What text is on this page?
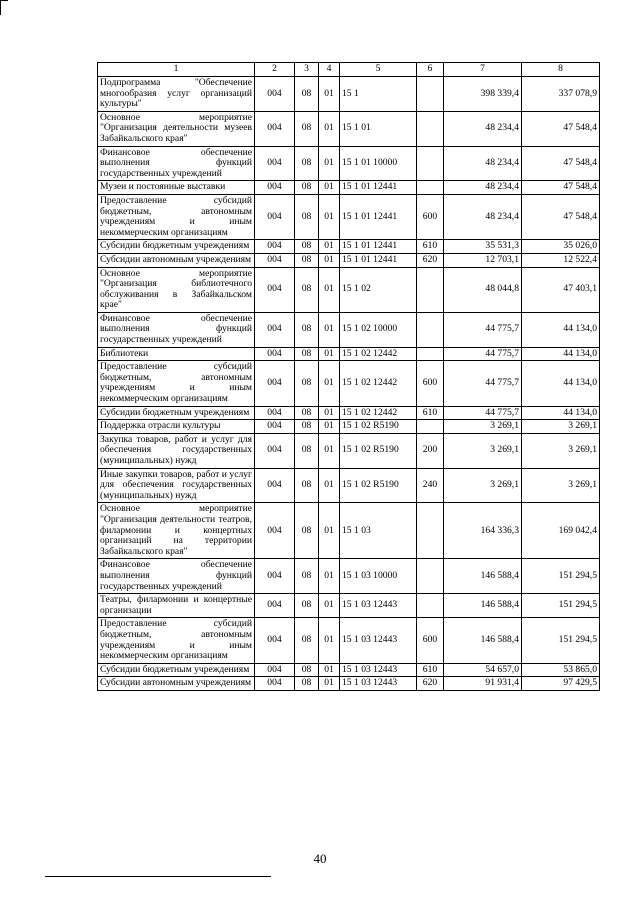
1	2	3	4	5	6	7	8
Подпрограмма "Обеспечение многообразия услуг организаций культуры"	004	08	01	15 1		398 339,4	337 078,9
Основное мероприятие "Организация деятельности музеев Забайкальского края"	004	08	01	15 1 01		48 234,4	47 548,4
Финансовое обеспечение выполнения функций государственных учреждений	004	08	01	15 1 01 10000		48 234,4	47 548,4
Музеи и постоянные выставки	004	08	01	15 1 01 12441		48 234,4	47 548,4
Предоставление субсидий бюджетным, автономным учреждениям и иным некоммерческим организациям	004	08	01	15 1 01 12441	600	48 234,4	47 548,4
Субсидии бюджетным учреждениям	004	08	01	15 1 01 12441	610	35 531,3	35 026,0
Субсидии автономным учреждениям	004	08	01	15 1 01 12441	620	12 703,1	12 522,4
Основное мероприятие "Организация библиотечного обслуживания в Забайкальском крае"	004	08	01	15 1 02		48 044,8	47 403,1
Финансовое обеспечение выполнения функций государственных учреждений	004	08	01	15 1 02 10000		44 775,7	44 134,0
Библиотеки	004	08	01	15 1 02 12442		44 775,7	44 134,0
Предоставление субсидий бюджетным, автономным учреждениям и иным некоммерческим организациям	004	08	01	15 1 02 12442	600	44 775,7	44 134,0
Субсидии бюджетным учреждениям	004	08	01	15 1 02 12442	610	44 775,7	44 134,0
Поддержка отрасли культуры	004	08	01	15 1 02 R5190		3 269,1	3 269,1
Закупка товаров, работ и услуг для обеспечения государственных (муниципальных) нужд	004	08	01	15 1 02 R5190	200	3 269,1	3 269,1
Иные закупки товаров, работ и услуг для обеспечения государственных (муниципальных) нужд	004	08	01	15 1 02 R5190	240	3 269,1	3 269,1
Основное мероприятие "Организация деятельности театров, филармонии и концертных организаций на территории Забайкальского края"	004	08	01	15 1 03		164 336,3	169 042,4
Финансовое обеспечение выполнения функций государственных учреждений	004	08	01	15 1 03 10000		146 588,4	151 294,5
Театры, филармонии и концертные организации	004	08	01	15 1 03 12443		146 588,4	151 294,5
Предоставление субсидий бюджетным, автономным учреждениям и иным некоммерческим организациям	004	08	01	15 1 03 12443	600	146 588,4	151 294,5
Субсидии бюджетным учреждениям	004	08	01	15 1 03 12443	610	54 657,0	53 865,0
Субсидии автономным учреждениям	004	08	01	15 1 03 12443	620	91 931,4	97 429,5
40
